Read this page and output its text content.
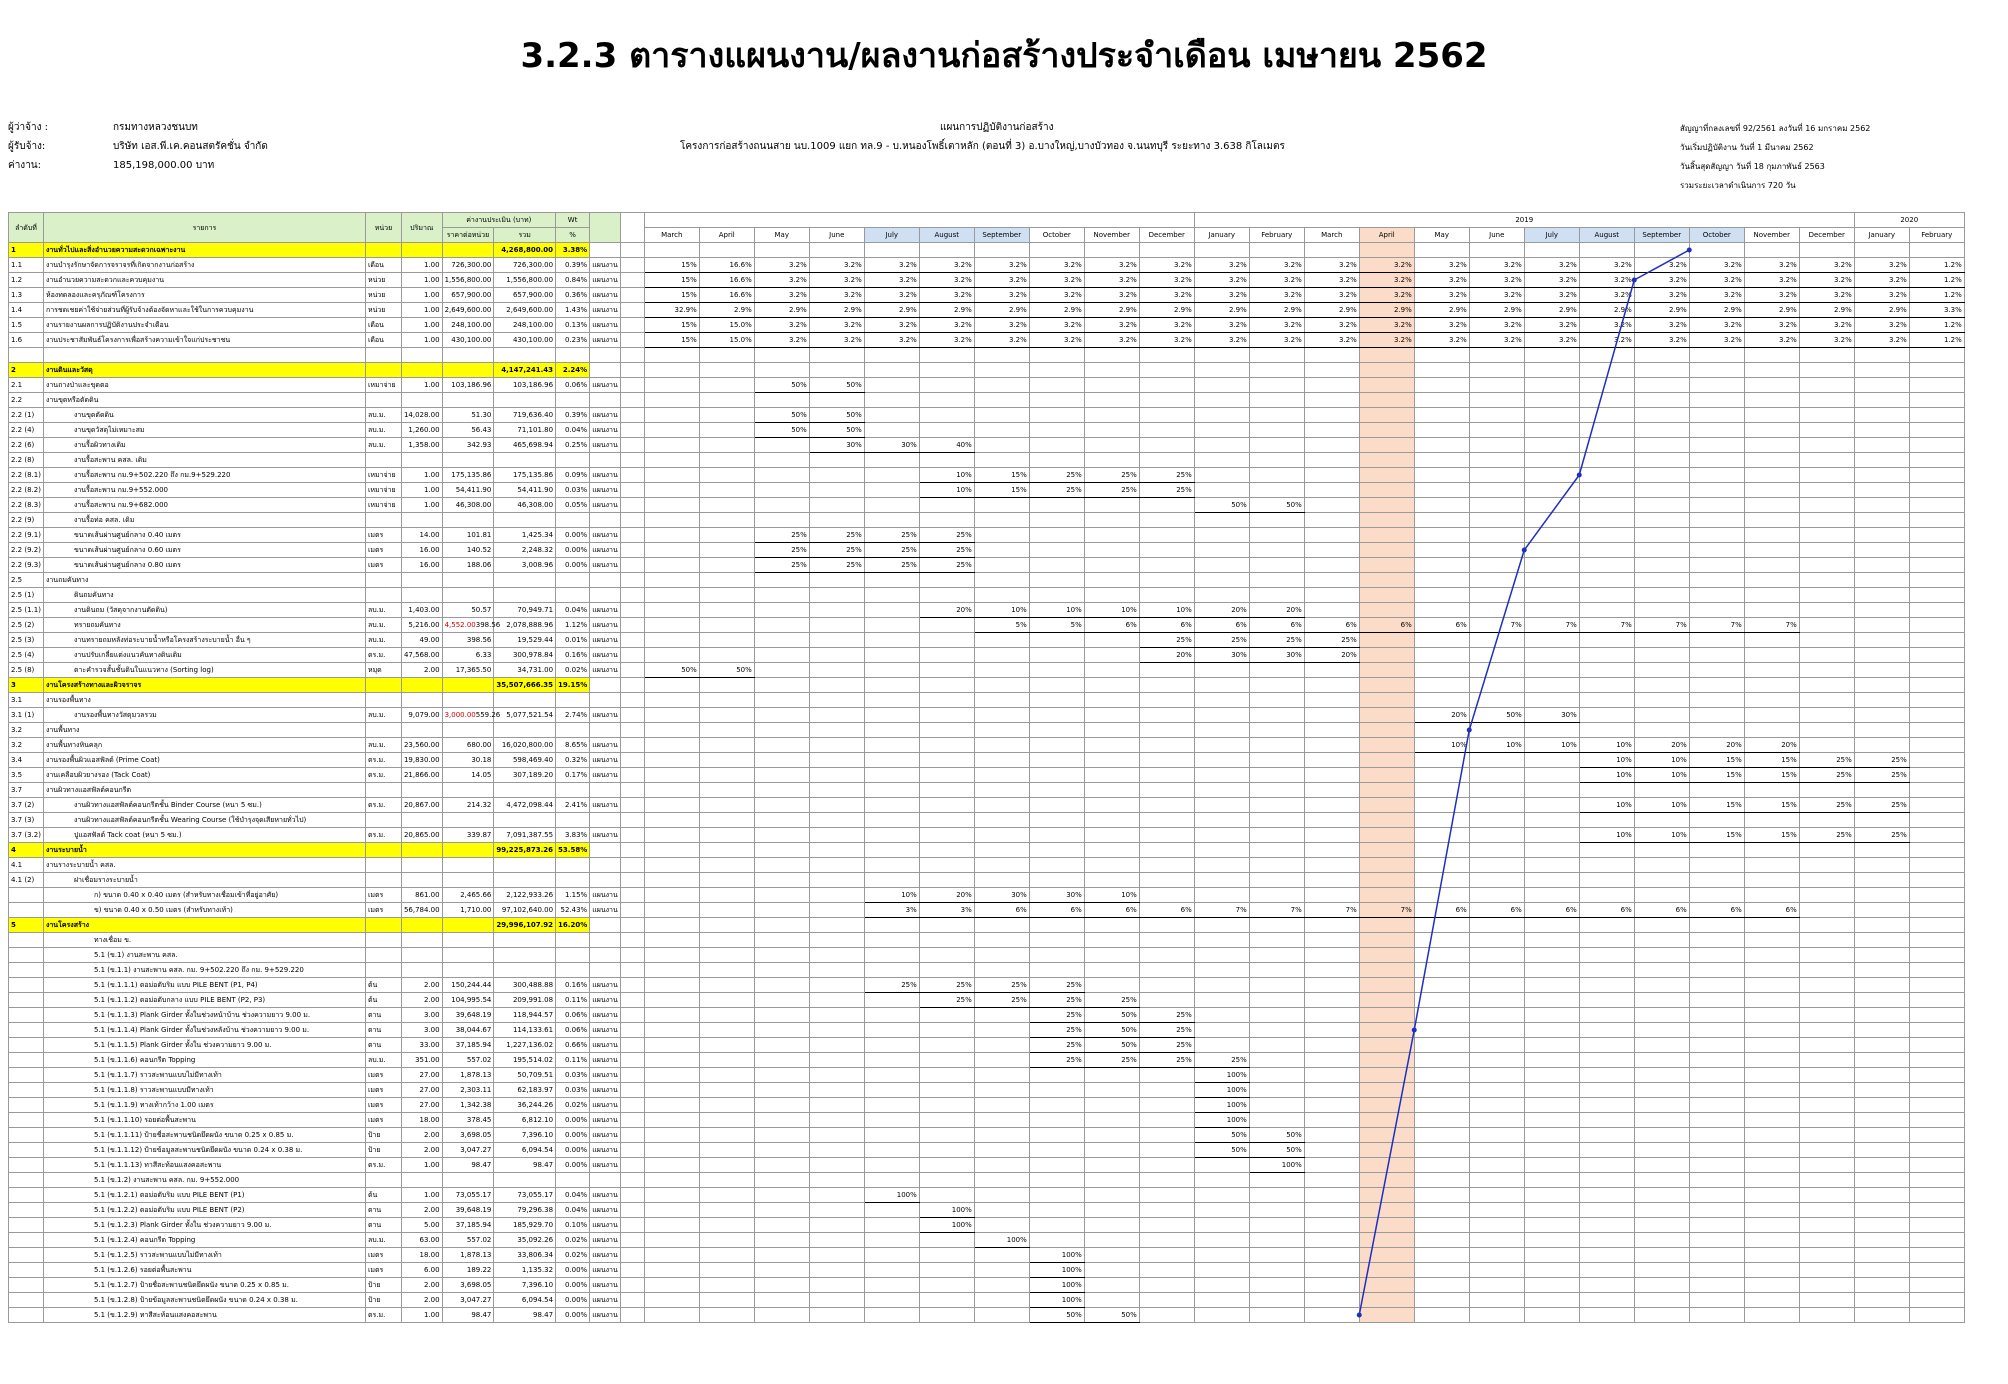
3.2.3 ตารางแผนงาน/ผลงานก่อสร้างประจำเดือน เมษายน 2562
ผู้ว่าจ้าง :	กรมทางหลวงชนบท
ผู้รับจ้าง:	บริษัท เอส.พี.เค.คอนสตรัคชั่น จำกัด
ค่างาน:	185,198,000.00 บาท
แผนการปฏิบัติงานก่อสร้าง
โครงการก่อสร้างถนนสาย นบ.1009 แยก ทล.9 - บ.หนองโพธิ์เตาหลัก (ตอนที่ 3) อ.บางใหญ่,บางบัวทอง จ.นนทบุรี ระยะทาง 3.638 กิโลเมตร
สัญญาที่กลงเลขที่ 92/2561 ลงวันที่ 16 มกราคม 2562
วันเริ่มปฏิบัติงาน วันที่ 1 มีนาคม 2562
วันสิ้นสุดสัญญา วันที่ 18 กุมภาพันธ์ 2563
รวมระยะเวลาดำเนินการ 720 วัน
ลำดับที่	รายการ	หน่วย	ปริมาณ	ค่างานประเมิน (บาท)		Wt													2019												2020	
				ราคาต่อหน่วย	รวม	%			March	April	May	June	July	August	September	October	November	December	January	February	March	April	May	June	July	August	September	October	November	December	January	February
1	งานทั่วไปและสิ่งอำนวยความสะดวกเฉพาะงาน				4,268,800.00	3.38%																										
1.1	งานบำรุงรักษาจัดการจราจรที่เกิดจากงานก่อสร้าง	เดือน	1.00	726,300.00	726,300.00	0.39%	แผนงาน		15%	16.6%	3.2%	3.2%	3.2%	3.2%	3.2%	3.2%	3.2%	3.2%	3.2%	3.2%	3.2%	3.2%	3.2%	3.2%	3.2%	3.2%	3.2%	3.2%	3.2%	3.2%	3.2%	1.2%
1.2	งานอำนวยความสะดวกและควบคุมงาน	หน่วย	1.00	1,556,800.00	1,556,800.00	0.84%	แผนงาน		15%	16.6%	3.2%	3.2%	3.2%	3.2%	3.2%	3.2%	3.2%	3.2%	3.2%	3.2%	3.2%	3.2%	3.2%	3.2%	3.2%	3.2%	3.2%	3.2%	3.2%	3.2%	3.2%	1.2%
1.3	ห้องทดลองและครุภัณฑ์โครงการ	หน่วย	1.00	657,900.00	657,900.00	0.36%	แผนงาน		15%	16.6%	3.2%	3.2%	3.2%	3.2%	3.2%	3.2%	3.2%	3.2%	3.2%	3.2%	3.2%	3.2%	3.2%	3.2%	3.2%	3.2%	3.2%	3.2%	3.2%	3.2%	3.2%	1.2%
1.4	การชดเชยค่าใช้จ่ายส่วนที่ผู้รับจ้างต้องจัดหาและใช้ในการควบคุมงาน	หน่วย	1.00	2,649,600.00	2,649,600.00	1.43%	แผนงาน		32.9%	2.9%	2.9%	2.9%	2.9%	2.9%	2.9%	2.9%	2.9%	2.9%	2.9%	2.9%	2.9%	2.9%	2.9%	2.9%	2.9%	2.9%	2.9%	2.9%	2.9%	2.9%	2.9%	3.3%
1.5	งานรายงานผลการปฏิบัติงานประจำเดือน	เดือน	1.00	248,100.00	248,100.00	0.13%	แผนงาน		15%	15.0%	3.2%	3.2%	3.2%	3.2%	3.2%	3.2%	3.2%	3.2%	3.2%	3.2%	3.2%	3.2%	3.2%	3.2%	3.2%	3.2%	3.2%	3.2%	3.2%	3.2%	3.2%	1.2%
1.6	งานประชาสัมพันธ์โครงการเพื่อสร้างความเข้าใจแก่ประชาชน	เดือน	1.00	430,100.00	430,100.00	0.23%	แผนงาน		15%	15.0%	3.2%	3.2%	3.2%	3.2%	3.2%	3.2%	3.2%	3.2%	3.2%	3.2%	3.2%	3.2%	3.2%	3.2%	3.2%	3.2%	3.2%	3.2%	3.2%	3.2%	3.2%	1.2%

2	งานดินและวัสดุ				4,147,241.43	2.24%																										
2.1	งานถางป่าและขุดตอ	เหมาจ่าย	1.00	103,186.96	103,186.96	0.06%	แผนงาน				50%	50%																				
2.2	งานขุดหรือตัดดิน																															
2.2 (1)	งานขุดตัดดิน	ลบ.ม.	14,028.00	51.30	719,636.40	0.39%	แผนงาน				50%	50%																				
2.2 (4)	งานขุดวัสดุไม่เหมาะสม	ลบ.ม.	1,260.00	56.43	71,101.80	0.04%	แผนงาน				50%	50%																				
2.2 (6)	งานรื้อผิวทางเดิม	ลบ.ม.	1,358.00	342.93	465,698.94	0.25%	แผนงาน					30%	30%	40%																		
2.2 (8)	งานรื้อสะพาน คสล. เดิม																															
2.2 (8.1)	งานรื้อสะพาน กม.9+502.220 ถึง กม.9+529.220	เหมาจ่าย	1.00	175,135.86	175,135.86	0.09%	แผนงาน							10%	15%	25%	25%	25%														
2.2 (8.2)	งานรื้อสะพาน กม.9+552.000	เหมาจ่าย	1.00	54,411.90	54,411.90	0.03%	แผนงาน							10%	15%	25%	25%	25%														
2.2 (8.3)	งานรื้อสะพาน กม.9+682.000	เหมาจ่าย	1.00	46,308.00	46,308.00	0.05%	แผนงาน												50%	50%												
2.2 (9)	งานรื้อท่อ คสล. เดิม																															
2.2 (9.1)	ขนาดเส้นผ่านศูนย์กลาง 0.40 เมตร	เมตร	14.00	101.81	1,425.34	0.00%	แผนงาน				25%	25%	25%	25%																		
2.2 (9.2)	ขนาดเส้นผ่านศูนย์กลาง 0.60 เมตร	เมตร	16.00	140.52	2,248.32	0.00%	แผนงาน				25%	25%	25%	25%																		
2.2 (9.3)	ขนาดเส้นผ่านศูนย์กลาง 0.80 เมตร	เมตร	16.00	188.06	3,008.96	0.00%	แผนงาน				25%	25%	25%	25%																		
2.5	งานถมคันทาง																															
2.5 (1)	ดินถมคันทาง																															
2.5 (1.1)	งานดินถม (วัสดุจากงานตัดดิน)	ลบ.ม.	1,403.00	50.57	70,949.71	0.04%	แผนงาน							20%	10%	10%	10%	10%	20%	20%												
2.5 (2)	ทรายถมคันทาง	ลบ.ม.	5,216.00	4,552.00 398.56	2,078,888.96	1.12%	แผนงาน								5%	5%	6%	6%	6%	6%	6%	6%	6%	7%	7%	7%	7%	7%	7%			
2.5 (3)	งานทรายถมหลังท่อระบายน้ำหรือโครงสร้างระบายน้ำ อื่น ๆ	ลบ.ม.	49.00	398.56	19,529.44	0.01%	แผนงาน											25%	25%	25%	25%											
2.5 (4)	งานปรับเกลี่ยแต่งแนวคันทางดินเดิม	ตร.ม.	47,568.00	6.33	300,978.84	0.16%	แผนงาน											20%	30%	30%	20%											
2.5 (8)	ตาะคำรวจสั้นชั้นดินในแนวทาง (Sorting log)	หมุด	2.00	17,365.50	34,731.00	0.02%	แผนงาน		50%	50%																						
3	งานโครงสร้างทางและผิวจราจร				35,507,666.35	19.15%																										
3.1	งานรองพื้นทาง																															
3.1 (1)	งานรองพื้นทางวัสดุมวลรวม	ลบ.ม.	9,079.00	3,000.00 559.26	5,077,521.54	2.74%	แผนงาน																20%	50%	30%							
3.2	งานพื้นทาง																															
3.2	งานพื้นทางหินคลุก	ลบ.ม.	23,560.00	680.00	16,020,800.00	8.65%	แผนงาน																10%	10%	10%	10%	20%	20%	20%			
3.4	งานรองพื้นผิวแอสฟัลต์ (Prime Coat)	ตร.ม.	19,830.00	30.18	598,469.40	0.32%	แผนงาน																			10%	10%	15%	15%	25%	25%	
3.5	งานเคลือบผิวยางรอง (Tack Coat)	ตร.ม.	21,866.00	14.05	307,189.20	0.17%	แผนงาน																			10%	10%	15%	15%	25%	25%	
3.7	งานผิวทางแอสฟัลต์คอนกรีต																															
3.7 (2)	งานผิวทางแอสฟัลต์คอนกรีตชั้น Binder Course (หนา 5 ซม.)	ตร.ม.	20,867.00	214.32	4,472,098.44	2.41%	แผนงาน																			10%	10%	15%	15%	25%	25%	
3.7 (3)	งานผิวทางแอสฟัลต์คอนกรีตชั้น Wearing Course (ใช้บำรุงจุดเสียหายทั่วไป)																															
3.7 (3.2)	ปูแอสฟัลต์ Tack coat (หนา 5 ซม.)	ตร.ม.	20,865.00	339.87	7,091,387.55	3.83%	แผนงาน																			10%	10%	15%	15%	25%	25%	
4	งานระบายน้ำ				99,225,873.26	53.58%																										
4.1	งานรางระบายน้ำ คสล.																															
4.1 (2)	ฝาเชื่อมรางระบายน้ำ																															
	ก) ขนาด 0.40 x 0.40 เมตร (สำหรับทางเชื่อมเข้าที่อยู่อาศัย)	เมตร	861.00	2,465.66	2,122,933.26	1.15%	แผนงาน						10%	20%	30%	30%	10%															
	ข) ขนาด 0.40 x 0.50 เมตร (สำหรับทางเท้า)	เมตร	56,784.00	1,710.00	97,102,640.00	52.43%	แผนงาน						3%	3%	6%	6%	6%	6%	7%	7%	7%	7%	6%	6%	6%	6%	6%	6%	6%			
5	งานโครงสร้าง				29,996,107.92	16.20%																										
	ทางเชื่อม ข.																															
	5.1 (ข.1) งานสะพาน คสล.																															
	5.1 (ข.1.1) งานสะพาน คสล. กม. 9+502.220 ถึง กม. 9+529.220																															
	5.1 (ข.1.1.1) ตอม่อตับริม แบบ PILE BENT (P1, P4)	ต้น	2.00	150,244.44	300,488.88	0.16%	แผนงาน						25%	25%	25%	25%																
	5.1 (ข.1.1.2) ตอม่อตับกลาง แบบ PILE BENT (P2, P3)	ต้น	2.00	104,995.54	209,991.08	0.11%	แผนงาน							25%	25%	25%	25%															
	5.1 (ข.1.1.3) Plank Girder ทั้งในช่วงหน้าบ้าน ช่วงความยาว 9.00 ม.	ตาน	3.00	39,648.19	118,944.57	0.06%	แผนงาน									25%	50%	25%														
	5.1 (ข.1.1.4) Plank Girder ทั้งในช่วงหลังบ้าน ช่วงความยาว 9.00 ม.	ตาน	3.00	38,044.67	114,133.61	0.06%	แผนงาน									25%	50%	25%														
	5.1 (ข.1.1.5) Plank Girder ทั้งใน ช่วงความยาว 9.00 ม.	ตาน	33.00	37,185.94	1,227,136.02	0.66%	แผนงาน									25%	50%	25%														
	5.1 (ข.1.1.6) คอนกรีต Topping	ลบ.ม.	351.00	557.02	195,514.02	0.11%	แผนงาน									25%	25%	25%	25%													
	5.1 (ข.1.1.7) ราวสะพานแบบไม่มีทางเท้า	เมตร	27.00	1,878.13	50,709.51	0.03%	แผนงาน												100%													
	5.1 (ข.1.1.8) ราวสะพานแบบมีทางเท้า	เมตร	27.00	2,303.11	62,183.97	0.03%	แผนงาน												100%													
	5.1 (ข.1.1.9) ทางเท้ากว้าง 1.00 เมตร	เมตร	27.00	1,342.38	36,244.26	0.02%	แผนงาน												100%													
	5.1 (ข.1.1.10) รอยต่อพื้นสะพาน	เมตร	18.00	378.45	6,812.10	0.00%	แผนงาน												100%													
	5.1 (ข.1.1.11) ป้ายชื่อสะพานชนิดยึดผนัง ขนาด 0.25 x 0.85 ม.	ป้าย	2.00	3,698.05	7,396.10	0.00%	แผนงาน												50%	50%												
	5.1 (ข.1.1.12) ป้ายข้อมูลสะพานชนิดยึดผนัง ขนาด 0.24 x 0.38 ม.	ป้าย	2.00	3,047.27	6,094.54	0.00%	แผนงาน												50%	50%												
	5.1 (ข.1.1.13) ทาสีสะท้อนแสงคอสะพาน	ตร.ม.	1.00	98.47	98.47	0.00%	แผนงาน													100%												
	5.1 (ข.1.2) งานสะพาน คสล. กม. 9+552.000																															
	5.1 (ข.1.2.1) ตอม่อตับริม แบบ PILE BENT (P1)	ต้น	1.00	73,055.17	73,055.17	0.04%	แผนงาน						100%																			
	5.1 (ข.1.2.2) ตอม่อตับริม แบบ PILE BENT (P2)	ตาน	2.00	39,648.19	79,296.38	0.04%	แผนงาน							100%																		
	5.1 (ข.1.2.3) Plank Girder ทั้งใน ช่วงความยาว 9.00 ม.	ตาน	5.00	37,185.94	185,929.70	0.10%	แผนงาน							100%																		
	5.1 (ข.1.2.4) คอนกรีต Topping	ลบ.ม.	63.00	557.02	35,092.26	0.02%	แผนงาน								100%																	
	5.1 (ข.1.2.5) ราวสะพานแบบไม่มีทางเท้า	เมตร	18.00	1,878.13	33,806.34	0.02%	แผนงาน									100%																
	5.1 (ข.1.2.6) รอยต่อพื้นสะพาน	เมตร	6.00	189.22	1,135.32	0.00%	แผนงาน									100%																
	5.1 (ข.1.2.7) ป้ายชื่อสะพานชนิดยึดผนัง ขนาด 0.25 x 0.85 ม.	ป้าย	2.00	3,698.05	7,396.10	0.00%	แผนงาน									100%																
	5.1 (ข.1.2.8) ป้ายข้อมูลสะพานชนิดยึดผนัง ขนาด 0.24 x 0.38 ม.	ป้าย	2.00	3,047.27	6,094.54	0.00%	แผนงาน									100%																
	5.1 (ข.1.2.9) ทาสีสะท้อนแสงคอสะพาน	ตร.ม.	1.00	98.47	98.47	0.00%	แผนงาน									50%	50%															
